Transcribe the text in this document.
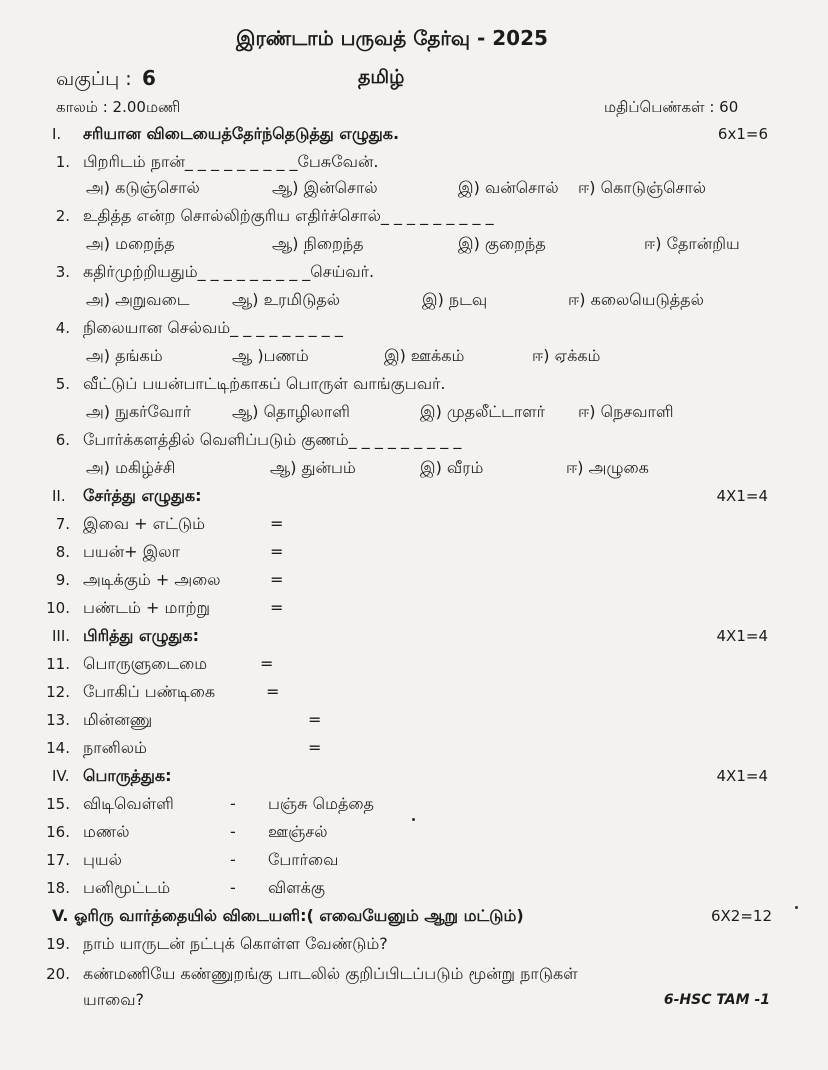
இரண்டாம் பருவத் தேர்வு - 2025
வகுப்பு : 6	தமிழ்
காலம் : 2.00மணி	மதிப்பெண்கள் : 60
I. சரியான விடையைத்தேர்ந்தெடுத்து எழுதுக.	6x1=6
1. பிறரிடம் நான்_ _ _ _ _ _ _ _ _பேசுவேன்.
அ) கடுஞ்சொல்	ஆ) இன்சொல்	இ) வன்சொல் ஈ) கொடுஞ்சொல்
2. உதித்த என்ற சொல்லிற்குரிய எதிர்ச்சொல்_ _ _ _ _ _ _ _ _
அ) மறைந்த	ஆ) நிறைந்த	இ) குறைந்த	ஈ) தோன்றிய
3. கதிர்முற்றியதும்_ _ _ _ _ _ _ _ _செய்வர்.
அ) அறுவடை	ஆ) உரமிடுதல்	இ) நடவு	ஈ) கலையெடுத்தல்
4. நிலையான செல்வம்_ _ _ _ _ _ _ _ _
அ) தங்கம்	ஆ )பணம்	இ) ஊக்கம்	ஈ) ஏக்கம்
5. வீட்டுப் பயன்பாட்டிற்காகப் பொருள் வாங்குபவர்.
அ) நுகர்வோர்	ஆ) தொழிலாளி	இ) முதலீட்டாளர் ஈ) நெசவாளி
6. போர்க்களத்தில் வெளிப்படும் குணம்_ _ _ _ _ _ _ _ _
அ) மகிழ்ச்சி	ஆ) துன்பம்	இ) வீரம்	ஈ) அழுகை
II. சேர்த்து எழுதுக:	4X1=4
7. இவை + எட்டும்	=
8. பயன்+ இலா	=
9. அடிக்கும் + அலை	=
10. பண்டம் + மாற்று	=
III. பிரித்து எழுதுக:	4X1=4
11. பொருளுடைமை	=
12. போகிப் பண்டிகை	=
13. மின்னணு	=
14. நானிலம்	=
IV. பொருத்துக:	4X1=4
15. விடிவெள்ளி	- பஞ்சு மெத்தை
16. மணல்	- ஊஞ்சல்
17. புயல்	- போர்வை
18. பனிமூட்டம்	- விளக்கு
V. ஓரிரு வார்த்தையில் விடையளி:( எவையேனும் ஆறு மட்டும்)	6X2=12
19. நாம் யாருடன் நட்புக் கொள்ள வேண்டும்?
20. கண்மணியே கண்ணுறங்கு பாடலில் குறிப்பிடப்படும் மூன்று நாடுகள்
யாவை?	6-HSC TAM -1
